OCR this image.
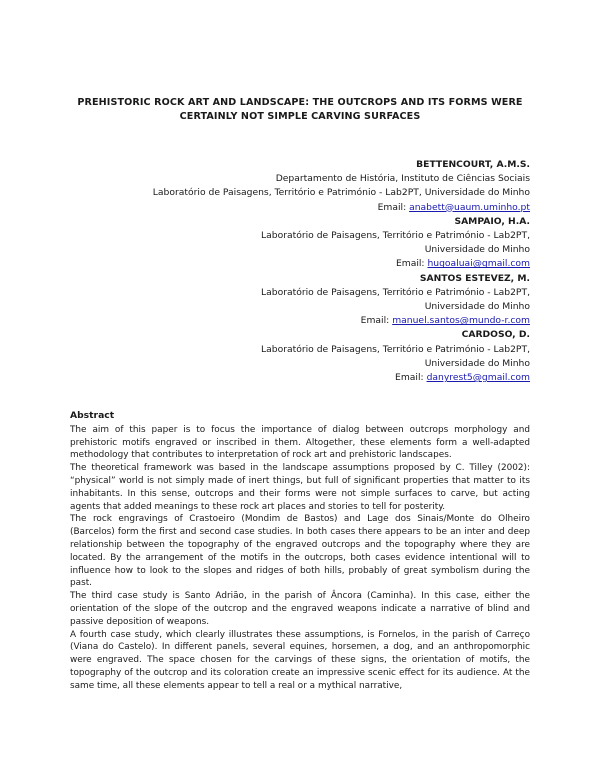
PREHISTORIC ROCK ART AND LANDSCAPE: THE OUTCROPS AND ITS FORMS WERE
CERTAINLY NOT SIMPLE CARVING SURFACES
BETTENCOURT, A.M.S.
Departamento de História, Instituto de Ciências Sociais
Laboratório de Paisagens, Território e Património - Lab2PT, Universidade do Minho
Email: anabett@uaum.uminho.pt
SAMPAIO, H.A.
Laboratório de Paisagens, Território e Património - Lab2PT,
Universidade do Minho
Email: hugoaluai@gmail.com
SANTOS ESTEVEZ, M.
Laboratório de Paisagens, Território e Património - Lab2PT,
Universidade do Minho
Email: manuel.santos@mundo-r.com
CARDOSO, D.
Laboratório de Paisagens, Território e Património - Lab2PT,
Universidade do Minho
Email: danyrest5@gmail.com
Abstract

The aim of this paper is to focus the importance of dialog between outcrops morphology and prehistoric motifs engraved or inscribed in them. Altogether, these elements form a well-adapted methodology that contributes to interpretation of rock art and prehistoric landscapes.

The theoretical framework was based in the landscape assumptions proposed by C. Tilley (2002): “physical” world is not simply made of inert things, but full of significant properties that matter to its inhabitants. In this sense, outcrops and their forms were not simple surfaces to carve, but acting agents that added meanings to these rock art places and stories to tell for posterity.

The rock engravings of Crastoeiro (Mondim de Bastos) and Lage dos Sinais/Monte do Olheiro (Barcelos) form the first and second case studies. In both cases there appears to be an inter and deep relationship between the topography of the engraved outcrops and the topography where they are located. By the arrangement of the motifs in the outcrops, both cases evidence intentional will to influence how to look to the slopes and ridges of both hills, probably of great symbolism during the past.

The third case study is Santo Adrião, in the parish of Âncora (Caminha). In this case, either the orientation of the slope of the outcrop and the engraved weapons indicate a narrative of blind and passive deposition of weapons.

A fourth case study, which clearly illustrates these assumptions, is Fornelos, in the parish of Carreço (Viana do Castelo). In different panels, several equines, horsemen, a dog, and an anthropomorphic were engraved. The space chosen for the carvings of these signs, the orientation of motifs, the topography of the outcrop and its coloration create an impressive scenic effect for its audience. At the same time, all these elements appear to tell a real or a mythical narrative,
